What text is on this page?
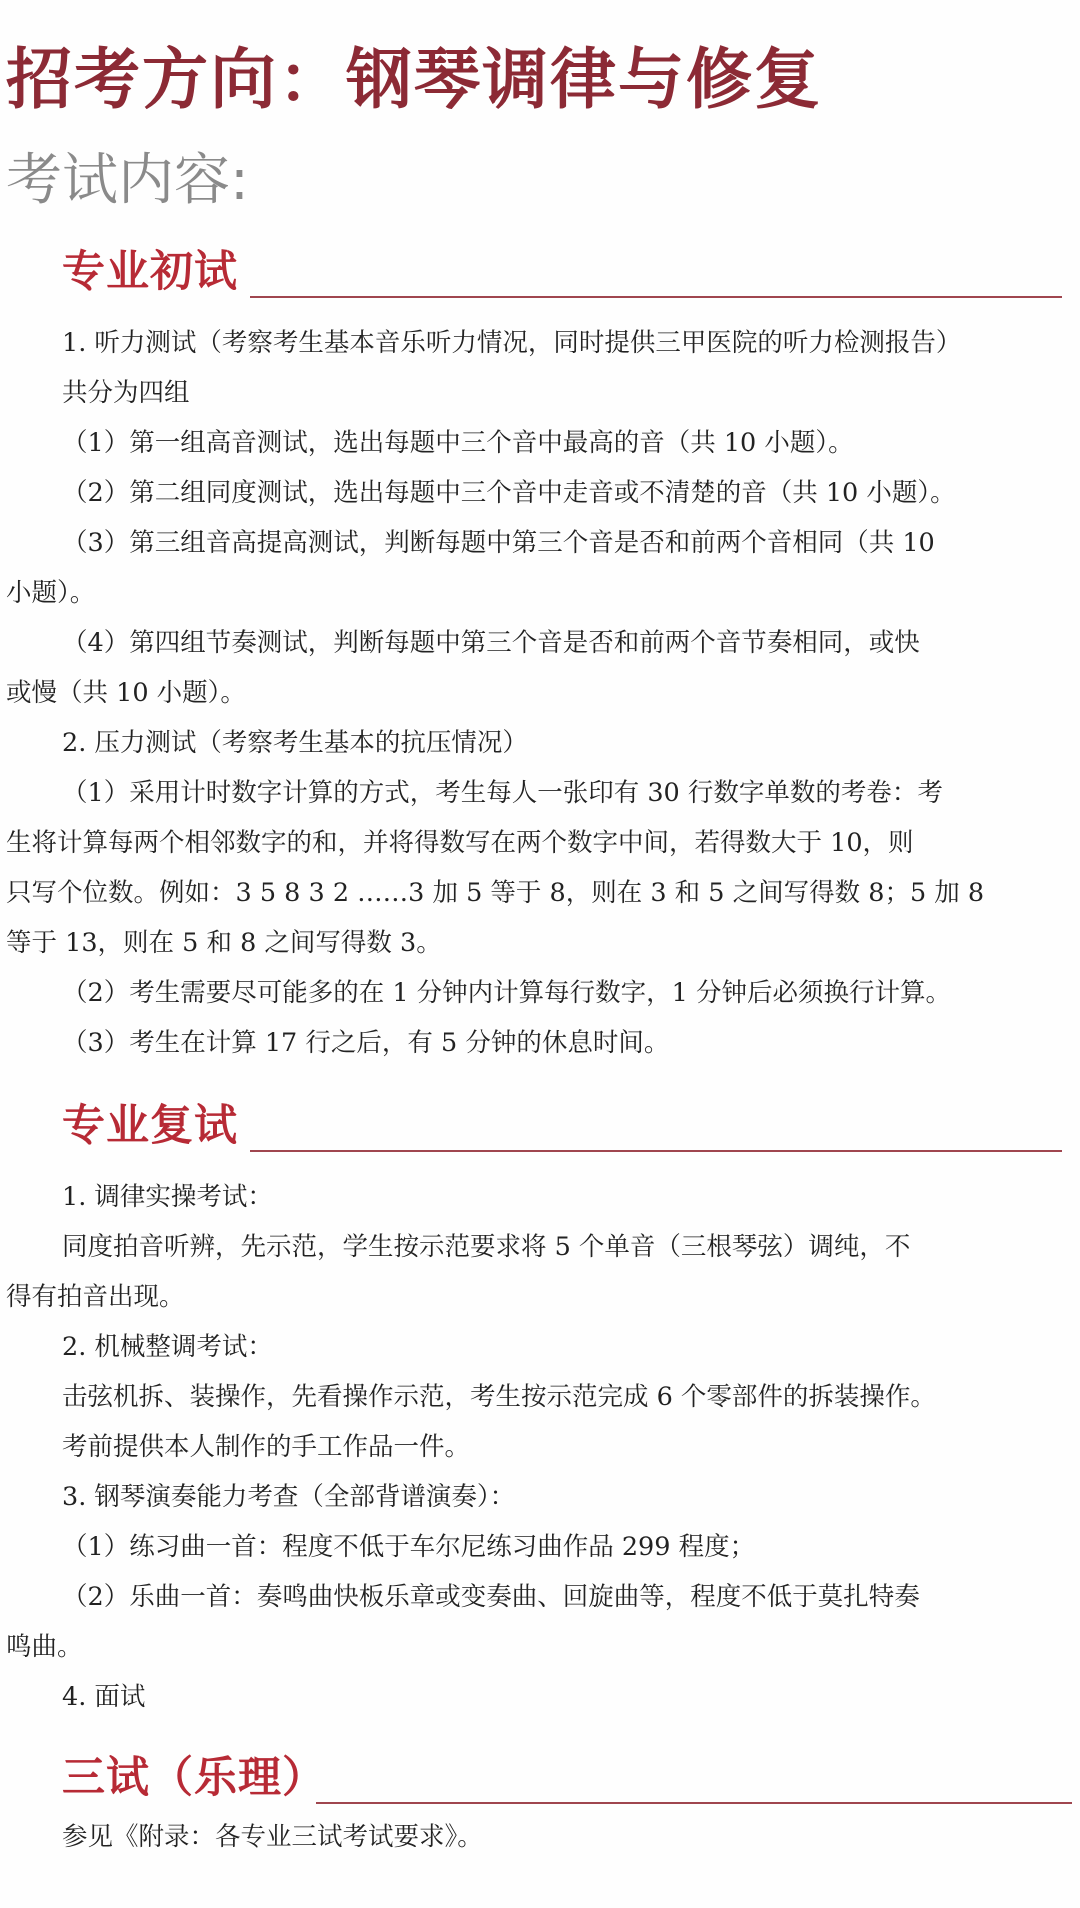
招考方向：钢琴调律与修复
考试内容:
专业初试

1. 听力测试（考察考生基本音乐听力情况，同时提供三甲医院的听力检测报告）

共分为四组

（1）第一组高音测试，选出每题中三个音中最高的音（共 10 小题）。

（2）第二组同度测试，选出每题中三个音中走音或不清楚的音（共 10 小题）。

（3）第三组音高提高测试，判断每题中第三个音是否和前两个音相同（共 10

小题）。

（4）第四组节奏测试，判断每题中第三个音是否和前两个音节奏相同，或快

或慢（共 10 小题）。

2. 压力测试（考察考生基本的抗压情况）

（1）采用计时数字计算的方式，考生每人一张印有 30 行数字单数的考卷：考

生将计算每两个相邻数字的和，并将得数写在两个数字中间，若得数大于 10，则

只写个位数。例如：3 5 8 3 2 ……3 加 5 等于 8，则在 3 和 5 之间写得数 8；5 加 8

等于 13，则在 5 和 8 之间写得数 3。

（2）考生需要尽可能多的在 1 分钟内计算每行数字，1 分钟后必须换行计算。

（3）考生在计算 17 行之后，有 5 分钟的休息时间。

专业复试

1. 调律实操考试：

同度拍音听辨，先示范，学生按示范要求将 5 个单音（三根琴弦）调纯，不

得有拍音出现。

2. 机械整调考试：

击弦机拆、装操作，先看操作示范，考生按示范完成 6 个零部件的拆装操作。

考前提供本人制作的手工作品一件。

3. 钢琴演奏能力考查（全部背谱演奏）：

（1）练习曲一首：程度不低于车尔尼练习曲作品 299 程度；

（2）乐曲一首：奏鸣曲快板乐章或变奏曲、回旋曲等，程度不低于莫扎特奏

鸣曲。

4. 面试

三试（乐理）

参见《附录：各专业三试考试要求》。
